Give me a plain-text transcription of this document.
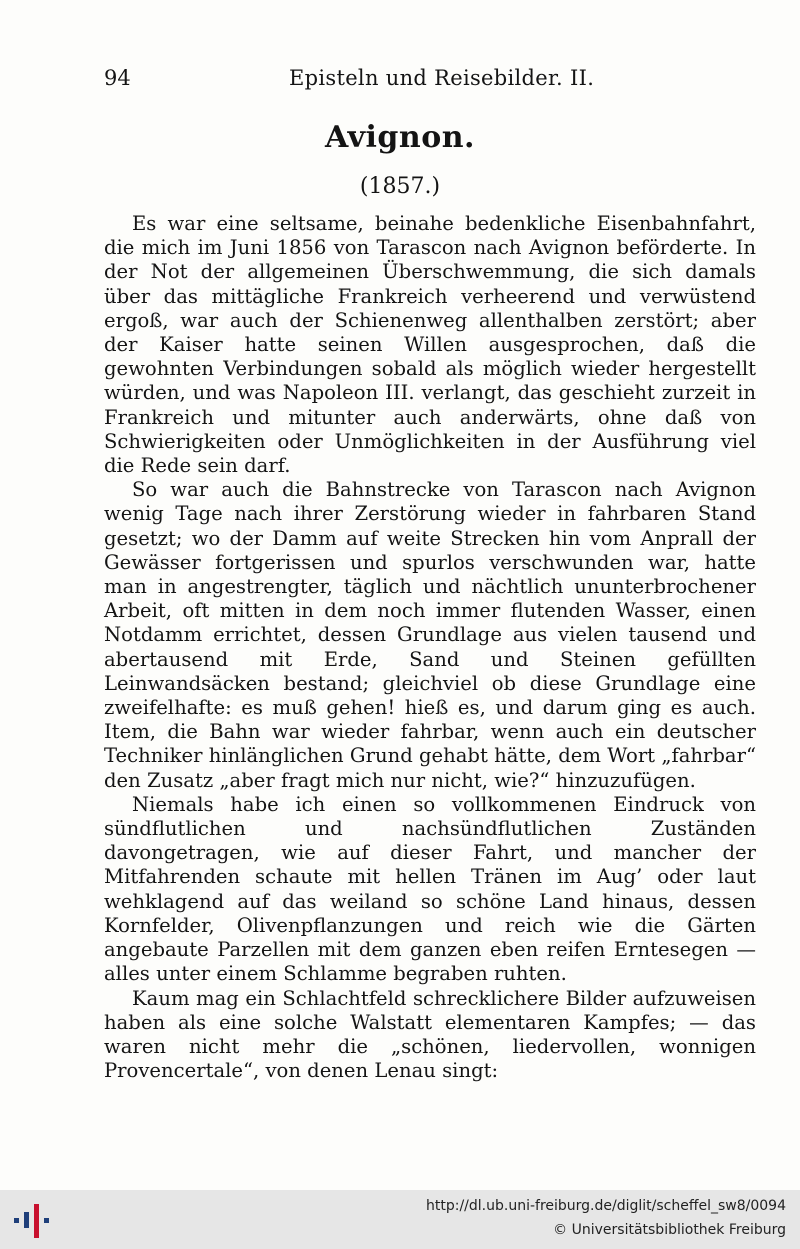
94	Episteln und Reisebilder. II.
Avignon.
(1857.)

Es war eine seltsame, beinahe bedenkliche Eisenbahnfahrt, die mich im Juni 1856 von Tarascon nach Avignon beförderte. In der Not der allgemeinen Überschwemmung, die sich damals über das mittägliche Frankreich verheerend und verwüstend ergoß, war auch der Schienenweg allenthalben zerstört; aber der Kaiser hatte seinen Willen ausgesprochen, daß die gewohnten Verbindungen sobald als möglich wieder hergestellt würden, und was Napoleon III. verlangt, das geschieht zurzeit in Frankreich und mitunter auch anderwärts, ohne daß von Schwierigkeiten oder Unmöglichkeiten in der Ausführung viel die Rede sein darf.

So war auch die Bahnstrecke von Tarascon nach Avignon wenig Tage nach ihrer Zerstörung wieder in fahrbaren Stand gesetzt; wo der Damm auf weite Strecken hin vom Anprall der Gewässer fortgerissen und spurlos verschwunden war, hatte man in angestrengter, täglich und nächtlich ununterbrochener Arbeit, oft mitten in dem noch immer flutenden Wasser, einen Notdamm errichtet, dessen Grundlage aus vielen tausend und abertausend mit Erde, Sand und Steinen gefüllten Leinwandsäcken bestand; gleichviel ob diese Grundlage eine zweifelhafte: es muß gehen! hieß es, und darum ging es auch. Item, die Bahn war wieder fahrbar, wenn auch ein deutscher Techniker hinlänglichen Grund gehabt hätte, dem Wort „fahrbar“ den Zusatz „aber fragt mich nur nicht, wie?“ hinzuzufügen.

Niemals habe ich einen so vollkommenen Eindruck von sündflutlichen und nachsündflutlichen Zuständen davongetragen, wie auf dieser Fahrt, und mancher der Mitfahrenden schaute mit hellen Tränen im Aug’ oder laut wehklagend auf das weiland so schöne Land hinaus, dessen Kornfelder, Olivenpflanzungen und reich wie die Gärten angebaute Parzellen mit dem ganzen eben reifen Erntesegen — alles unter einem Schlamme begraben ruhten.

Kaum mag ein Schlachtfeld schrecklichere Bilder aufzuweisen haben als eine solche Walstatt elementaren Kampfes; — das waren nicht mehr die „schönen, liedervollen, wonnigen Provencertale“, von denen Lenau singt:

http://dl.ub.uni-freiburg.de/diglit/scheffel_sw8/0094
© Universitätsbibliothek Freiburg
